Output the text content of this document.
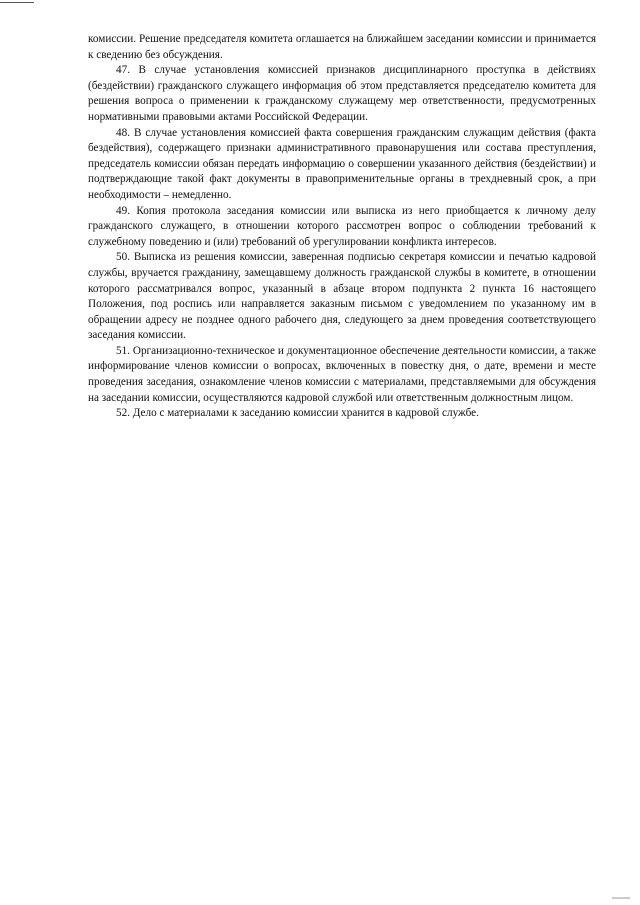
комиссии. Решение председателя комитета оглашается на ближайшем заседании комиссии и принимается к сведению без обсуждения.

47. В случае установления комиссией признаков дисциплинарного проступка в действиях (бездействии) гражданского служащего информация об этом представляется председателю комитета для решения вопроса о применении к гражданскому служащему мер ответственности, предусмотренных нормативными правовыми актами Российской Федерации.

48. В случае установления комиссией факта совершения гражданским служащим действия (факта бездействия), содержащего признаки административного правонарушения или состава преступления, председатель комиссии обязан передать информацию о совершении указанного действия (бездействии) и подтверждающие такой факт документы в правоприменительные органы в трехдневный срок, а при необходимости – немедленно.

49. Копия протокола заседания комиссии или выписка из него приобщается к личному делу гражданского служащего, в отношении которого рассмотрен вопрос о соблюдении требований к служебному поведению и (или) требований об урегулировании конфликта интересов.

50. Выписка из решения комиссии, заверенная подписью секретаря комиссии и печатью кадровой службы, вручается гражданину, замещавшему должность гражданской службы в комитете, в отношении которого рассматривался вопрос, указанный в абзаце втором подпункта 2 пункта 16 настоящего Положения, под роспись или направляется заказным письмом с уведомлением по указанному им в обращении адресу не позднее одного рабочего дня, следующего за днем проведения соответствующего заседания комиссии.

51. Организационно-техническое и документационное обеспечение деятельности комиссии, а также информирование членов комиссии о вопросах, включенных в повестку дня, о дате, времени и месте проведения заседания, ознакомление членов комиссии с материалами, представляемыми для обсуждения на заседании комиссии, осуществляются кадровой службой или ответственным должностным лицом.

52. Дело с материалами к заседанию комиссии хранится в кадровой службе.
